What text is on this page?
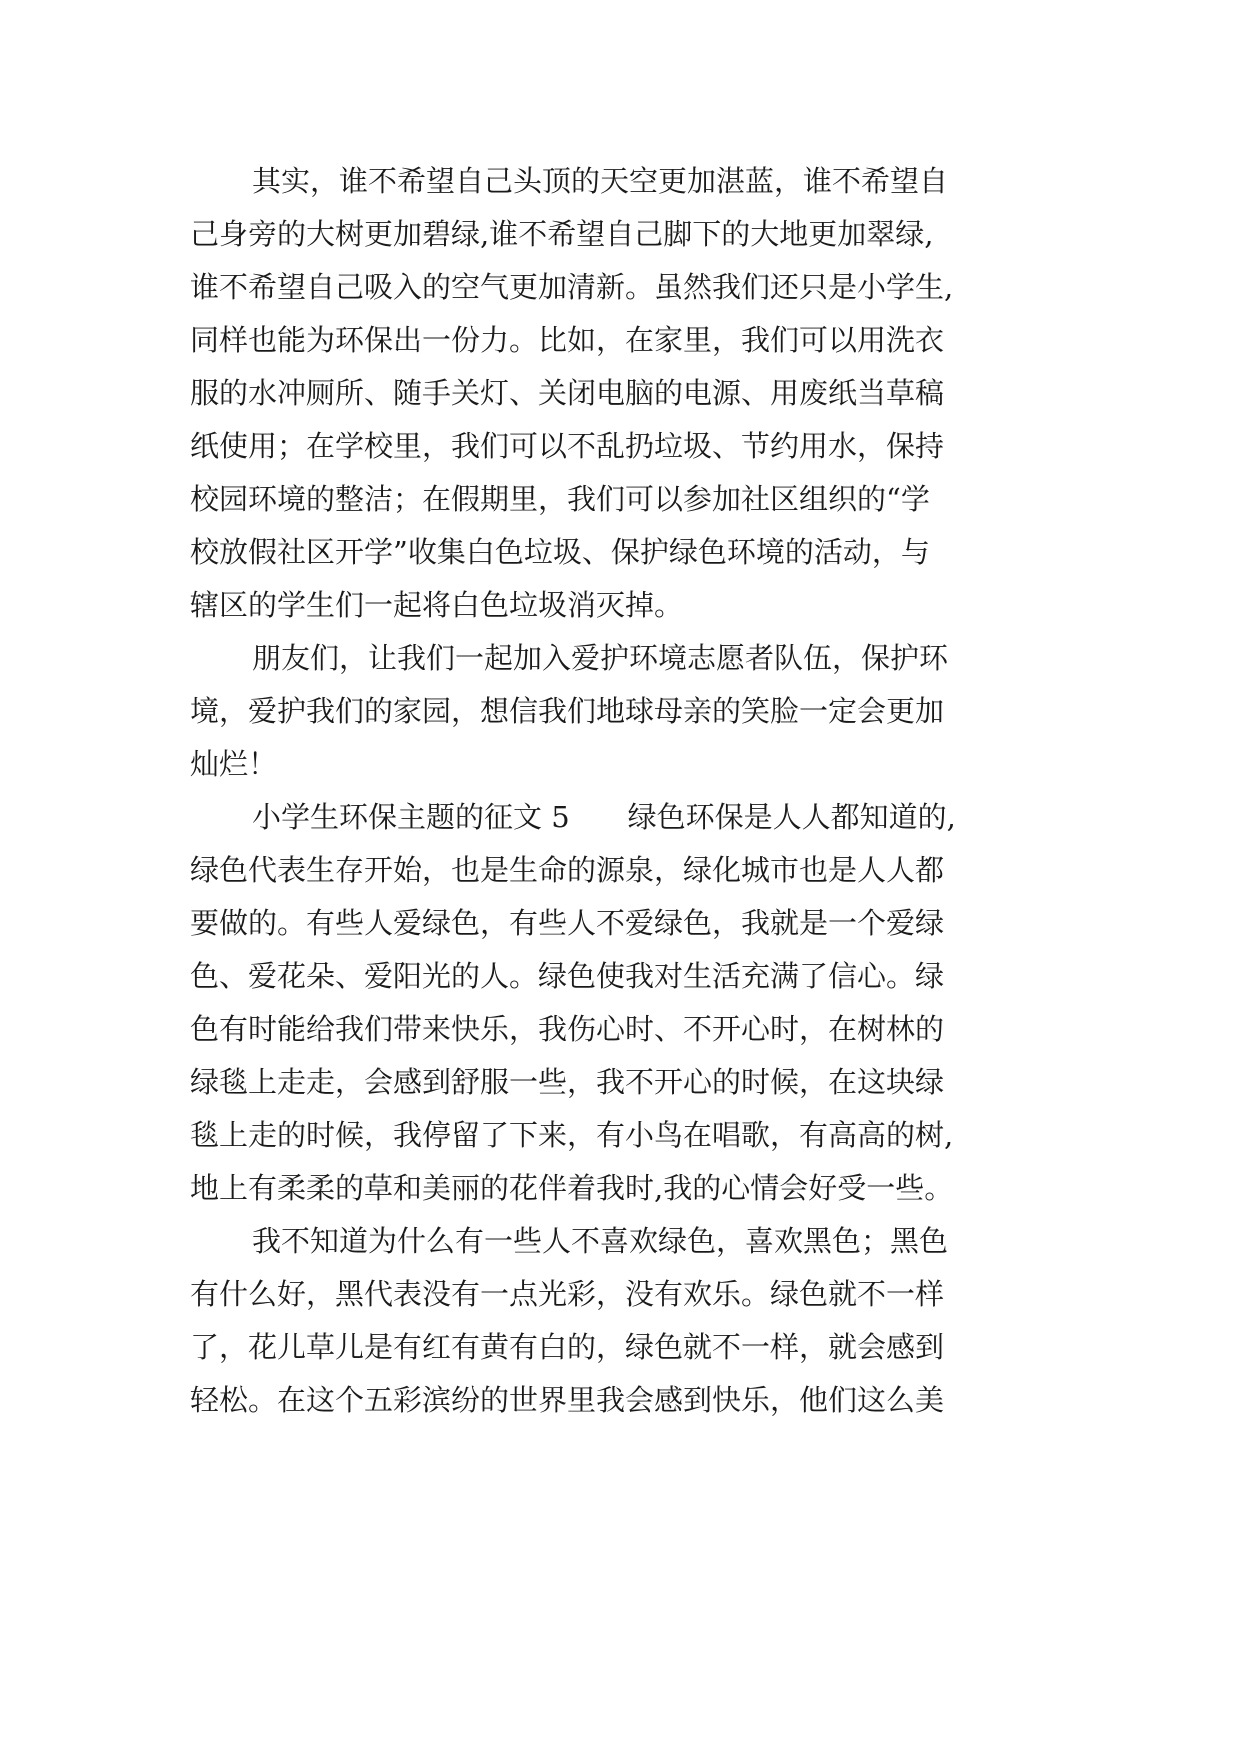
其实，谁不希望自己头顶的天空更加湛蓝，谁不希望自
己身旁的大树更加碧绿,谁不希望自己脚下的大地更加翠绿,
谁不希望自己吸入的空气更加清新。虽然我们还只是小学生,
同样也能为环保出一份力。比如，在家里，我们可以用洗衣
服的水冲厕所、随手关灯、关闭电脑的电源、用废纸当草稿
纸使用；在学校里，我们可以不乱扔垃圾、节约用水，保持
校园环境的整洁；在假期里，我们可以参加社区组织的“学
校放假社区开学”收集白色垃圾、保护绿色环境的活动，与
辖区的学生们一起将白色垃圾消灭掉。
朋友们，让我们一起加入爱护环境志愿者队伍，保护环
境，爱护我们的家园，想信我们地球母亲的笑脸一定会更加
灿烂！
小学生环保主题的征文 5　　绿色环保是人人都知道的,
绿色代表生存开始，也是生命的源泉，绿化城市也是人人都
要做的。有些人爱绿色，有些人不爱绿色，我就是一个爱绿
色、爱花朵、爱阳光的人。绿色使我对生活充满了信心。绿
色有时能给我们带来快乐，我伤心时、不开心时，在树林的
绿毯上走走，会感到舒服一些，我不开心的时候，在这块绿
毯上走的时候，我停留了下来，有小鸟在唱歌，有高高的树,
地上有柔柔的草和美丽的花伴着我时,我的心情会好受一些。
我不知道为什么有一些人不喜欢绿色，喜欢黑色；黑色
有什么好，黑代表没有一点光彩，没有欢乐。绿色就不一样
了，花儿草儿是有红有黄有白的，绿色就不一样，就会感到
轻松。在这个五彩滨纷的世界里我会感到快乐，他们这么美
